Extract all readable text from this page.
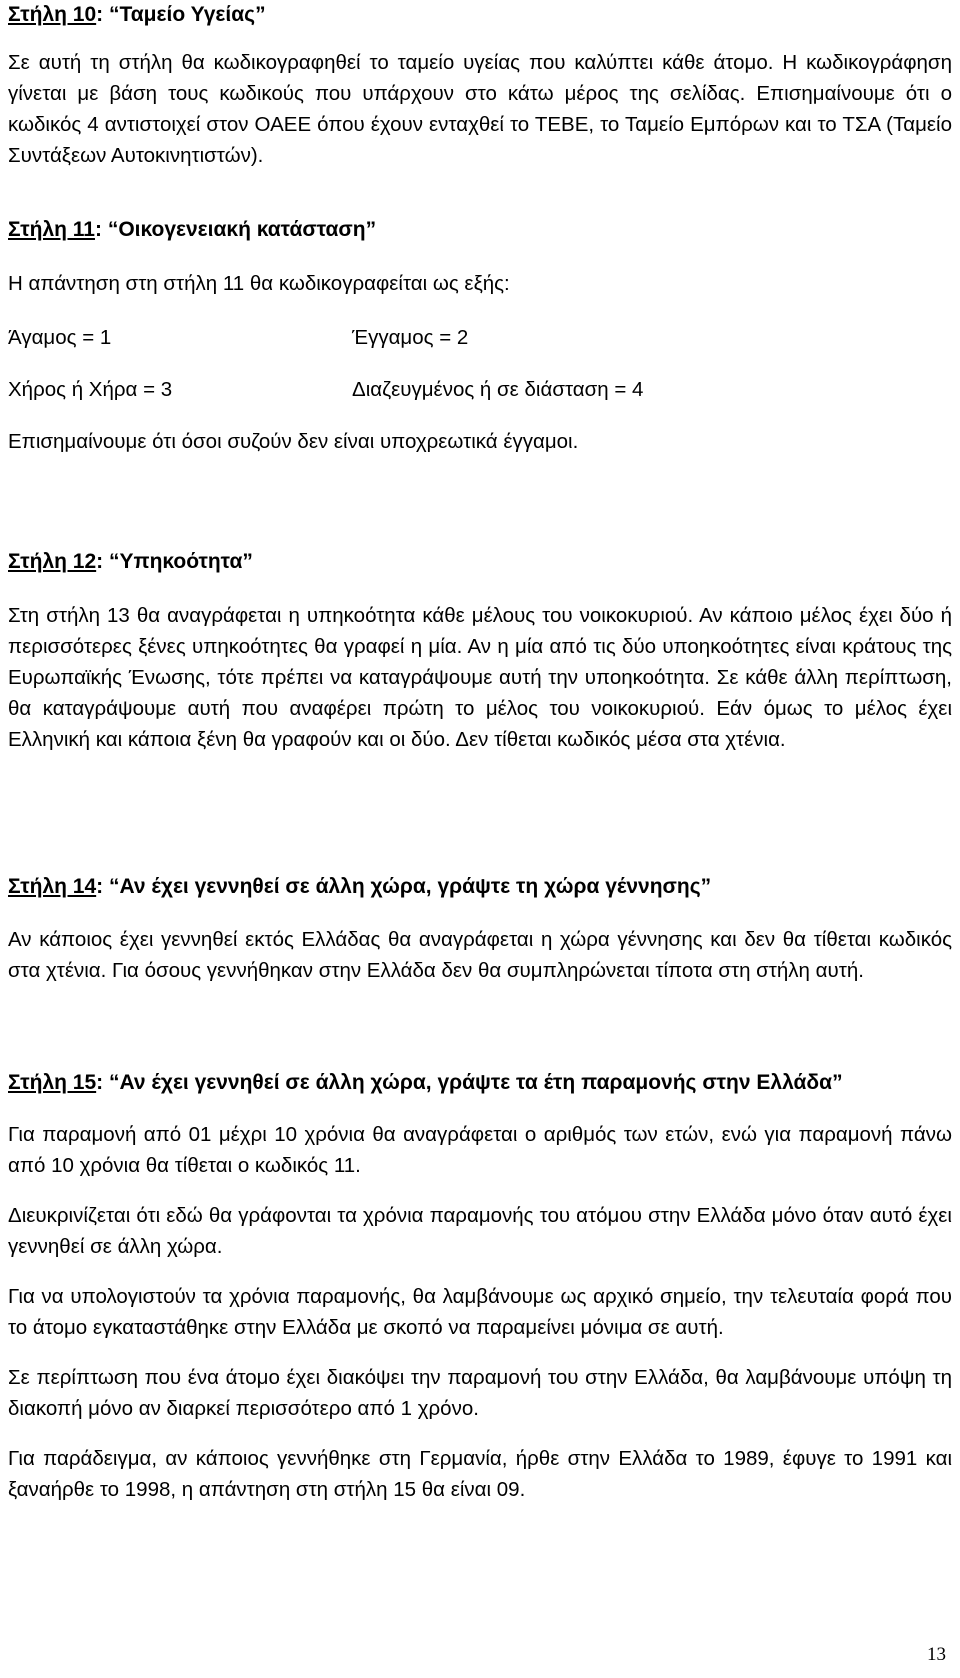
Στήλη 10: “Ταμείο Υγείας”

Σε αυτή τη στήλη θα κωδικογραφηθεί το ταμείο υγείας που καλύπτει κάθε άτομο. Η κωδικογράφηση γίνεται με βάση τους κωδικούς που υπάρχουν στο κάτω μέρος της σελίδας. Επισημαίνουμε ότι ο κωδικός 4 αντιστοιχεί στον ΟΑΕΕ όπου έχουν ενταχθεί το ΤΕΒΕ, το Ταμείο Εμπόρων και το ΤΣΑ (Ταμείο Συντάξεων Αυτοκινητιστών).

Στήλη 11: “Οικογενειακή κατάσταση”

Η απάντηση στη στήλη 11 θα κωδικογραφείται ως εξής:

Άγαμος = 1	Έγγαμος = 2
Χήρος ή Χήρα = 3	Διαζευγμένος ή σε διάσταση = 4

Επισημαίνουμε ότι όσοι συζούν δεν είναι υποχρεωτικά έγγαμοι.

Στήλη 12: “Υπηκοότητα”

Στη στήλη 13 θα αναγράφεται η υπηκοότητα κάθε μέλους του νοικοκυριού. Αν κάποιο μέλος έχει δύο ή περισσότερες ξένες υπηκοότητες θα γραφεί η μία. Αν η μία από τις δύο υποηκοότητες είναι κράτους της Ευρωπαϊκής Ένωσης, τότε πρέπει να καταγράψουμε αυτή την υποηκοότητα. Σε κάθε άλλη περίπτωση, θα καταγράψουμε αυτή που αναφέρει πρώτη το μέλος του νοικοκυριού. Εάν όμως το μέλος έχει Ελληνική και κάποια ξένη θα γραφούν και οι δύο. Δεν τίθεται κωδικός μέσα στα χτένια.

Στήλη 14: “Αν έχει γεννηθεί σε άλλη χώρα, γράψτε τη χώρα γέννησης”

Αν κάποιος έχει γεννηθεί εκτός Ελλάδας θα αναγράφεται η χώρα γέννησης και δεν θα τίθεται κωδικός στα χτένια. Για όσους γεννήθηκαν στην Ελλάδα δεν θα συμπληρώνεται τίποτα στη στήλη αυτή.

Στήλη 15: “Αν έχει γεννηθεί σε άλλη χώρα, γράψτε τα έτη παραμονής στην Ελλάδα”

Για παραμονή από 01 μέχρι 10 χρόνια θα αναγράφεται ο αριθμός των ετών, ενώ για παραμονή πάνω από 10 χρόνια θα τίθεται ο κωδικός 11.

Διευκρινίζεται ότι εδώ θα γράφονται τα χρόνια παραμονής του ατόμου στην Ελλάδα μόνο όταν αυτό έχει γεννηθεί σε άλλη χώρα.

Για να υπολογιστούν τα χρόνια παραμονής, θα λαμβάνουμε ως αρχικό σημείο, την τελευταία φορά που το άτομο εγκαταστάθηκε στην Ελλάδα με σκοπό να παραμείνει μόνιμα σε αυτή.

Σε περίπτωση που ένα άτομο έχει διακόψει την παραμονή του στην Ελλάδα, θα λαμβάνουμε υπόψη τη διακοπή μόνο αν διαρκεί περισσότερο από 1 χρόνο.

Για παράδειγμα, αν κάποιος γεννήθηκε στη Γερμανία, ήρθε στην Ελλάδα το 1989, έφυγε το 1991 και ξαναήρθε το 1998, η απάντηση στη στήλη 15 θα είναι 09.

13
